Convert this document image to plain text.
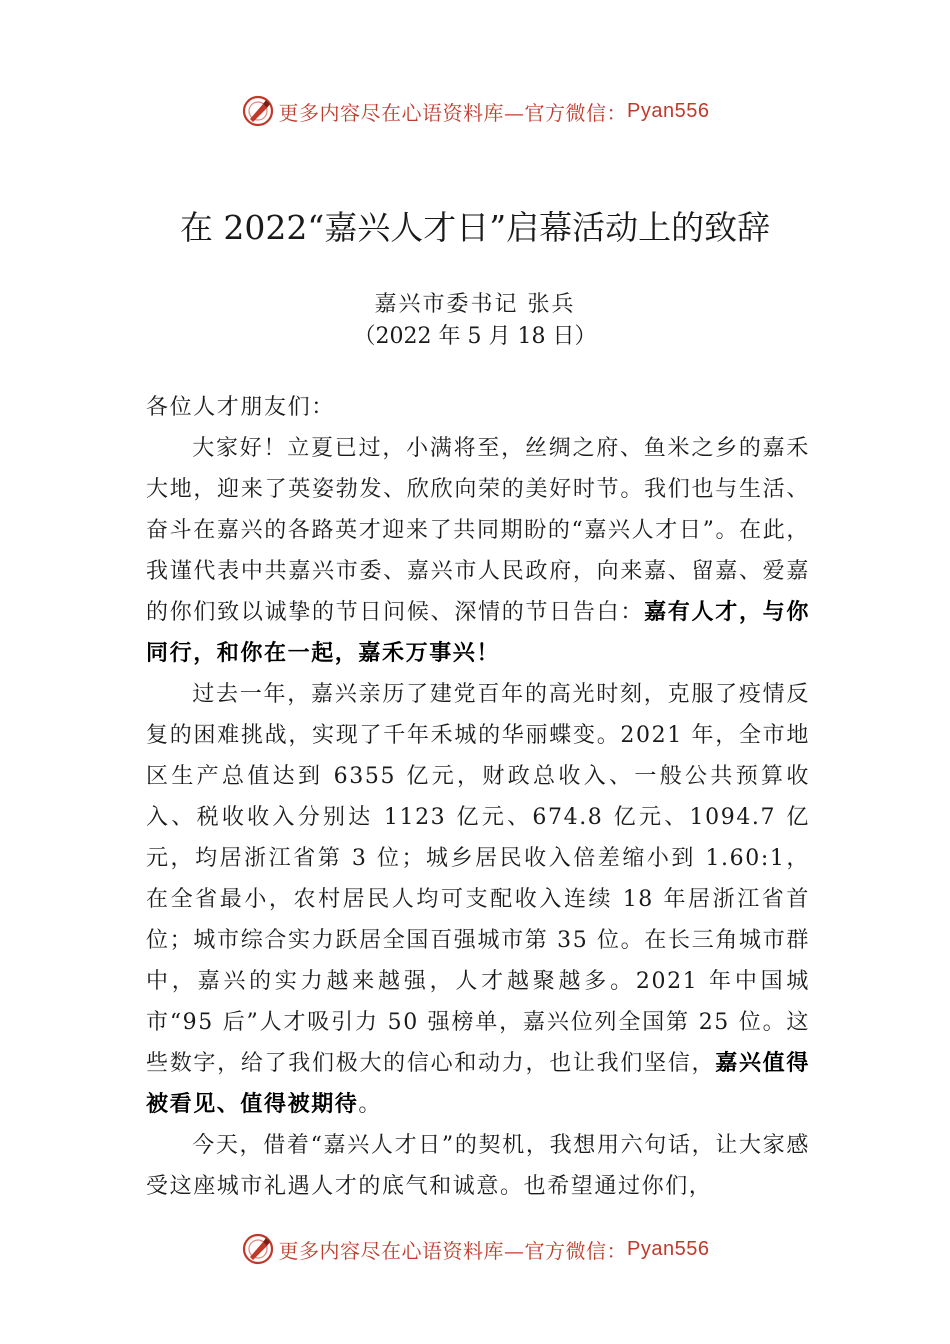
更多内容尽在心语资料库—官方微信： Pyan556
在 2022“嘉兴人才日”启幕活动上的致辞
嘉兴市委书记 张兵
（2022 年 5 月 18 日）

各位人才朋友们：

大家好！立夏已过，小满将至，丝绸之府、鱼米之乡的嘉禾大地，迎来了英姿勃发、欣欣向荣的美好时节。我们也与生活、奋斗在嘉兴的各路英才迎来了共同期盼的“嘉兴人才日”。在此，我谨代表中共嘉兴市委、嘉兴市人民政府，向来嘉、留嘉、爱嘉的你们致以诚挚的节日问候、深情的节日告白：嘉有人才，与你同行，和你在一起，嘉禾万事兴！

过去一年，嘉兴亲历了建党百年的高光时刻，克服了疫情反复的困难挑战，实现了千年禾城的华丽蝶变。2021 年，全市地区生产总值达到 6355 亿元，财政总收入、一般公共预算收入、税收收入分别达 1123 亿元、674.8 亿元、1094.7 亿元，均居浙江省第 3 位；城乡居民收入倍差缩小到 1.60:1，在全省最小，农村居民人均可支配收入连续 18 年居浙江省首位；城市综合实力跃居全国百强城市第 35 位。在长三角城市群中，嘉兴的实力越来越强，人才越聚越多。2021 年中国城市“95 后”人才吸引力 50 强榜单，嘉兴位列全国第 25 位。这些数字，给了我们极大的信心和动力，也让我们坚信，嘉兴值得被看见、值得被期待。

今天，借着“嘉兴人才日”的契机，我想用六句话，让大家感受这座城市礼遇人才的底气和诚意。也希望通过你们，

更多内容尽在心语资料库—官方微信： Pyan556
